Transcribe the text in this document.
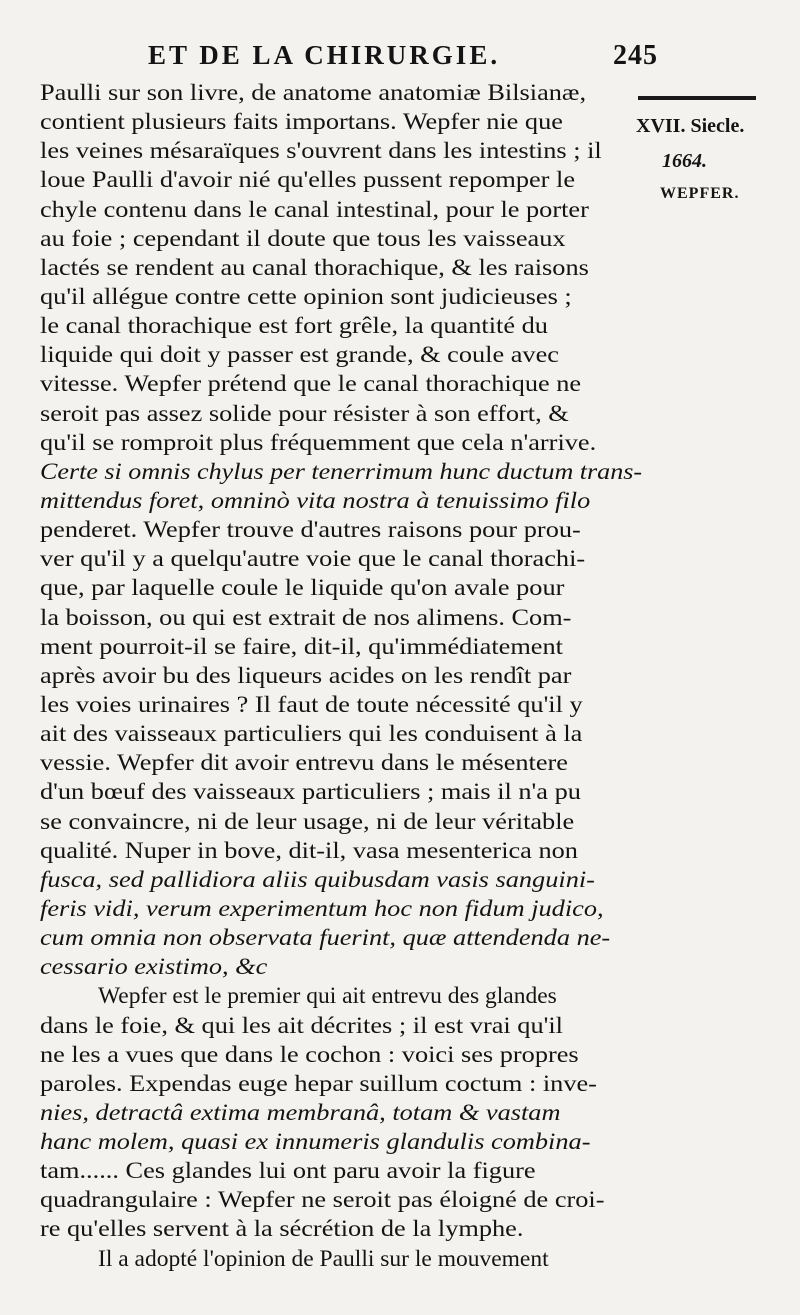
ET DE LA CHIRURGIE.	245
XVII. Siecle.
1664.
WEPFER.
Paulli sur son livre, de anatome anatomiæ Bilsianæ,
contient plusieurs faits importans. Wepfer nie que
les veines mésaraïques s'ouvrent dans les intestins ; il
loue Paulli d'avoir nié qu'elles pussent repomper le
chyle contenu dans le canal intestinal, pour le porter
au foie ; cependant il doute que tous les vaisseaux
lactés se rendent au canal thorachique, & les raisons
qu'il allégue contre cette opinion sont judicieuses ;
le canal thorachique est fort grêle, la quantité du
liquide qui doit y passer est grande, & coule avec
vitesse. Wepfer prétend que le canal thorachique ne
seroit pas assez solide pour résister à son effort, &
qu'il se romproit plus fréquemment que cela n'arrive.
Certe si omnis chylus per tenerrimum hunc ductum trans-
mittendus foret, omninò vita nostra à tenuissimo filo
penderet. Wepfer trouve d'autres raisons pour prou-
ver qu'il y a quelqu'autre voie que le canal thorachi-
que, par laquelle coule le liquide qu'on avale pour
la boisson, ou qui est extrait de nos alimens. Com-
ment pourroit-il se faire, dit-il, qu'immédiatement
après avoir bu des liqueurs acides on les rendît par
les voies urinaires ? Il faut de toute nécessité qu'il y
ait des vaisseaux particuliers qui les conduisent à la
vessie. Wepfer dit avoir entrevu dans le mésentere
d'un bœuf des vaisseaux particuliers ; mais il n'a pu
se convaincre, ni de leur usage, ni de leur véritable
qualité. Nuper in bove, dit-il, vasa mesenterica non
fusca, sed pallidiora aliis quibusdam vasis sanguini-
feris vidi, verum experimentum hoc non fidum judico,
cum omnia non observata fuerint, quæ attendenda ne-
cessario existimo, &c
Wepfer est le premier qui ait entrevu des glandes
dans le foie, & qui les ait décrites ; il est vrai qu'il
ne les a vues que dans le cochon : voici ses propres
paroles. Expendas euge hepar suillum coctum : inve-
nies, detractâ extima membranâ, totam & vastam
hanc molem, quasi ex innumeris glandulis combina-
tam...... Ces glandes lui ont paru avoir la figure
quadrangulaire : Wepfer ne seroit pas éloigné de croi-
re qu'elles servent à la sécrétion de la lymphe.
Il a adopté l'opinion de Paulli sur le mouvement
